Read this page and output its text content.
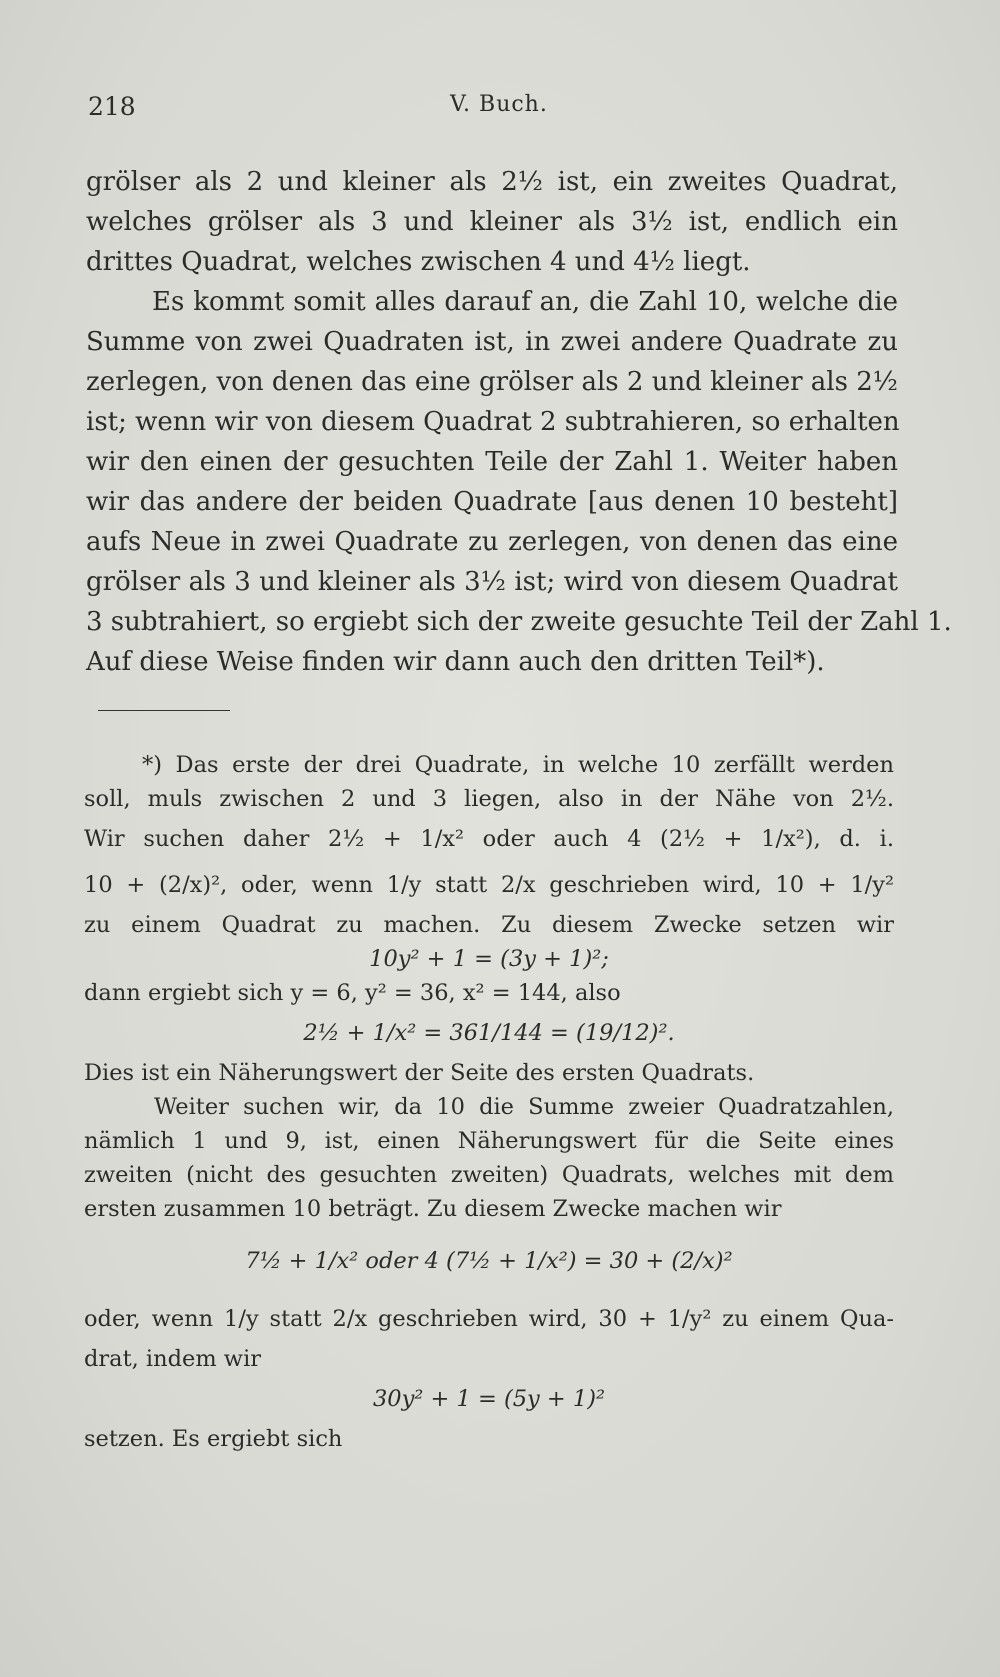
218	V. Buch.
grölser als 2 und kleiner als 2½ ist, ein zweites Quadrat,
welches grölser als 3 und kleiner als 3½ ist, endlich ein
drittes Quadrat, welches zwischen 4 und 4½ liegt.
Es kommt somit alles darauf an, die Zahl 10, welche die
Summe von zwei Quadraten ist, in zwei andere Quadrate zu
zerlegen, von denen das eine grölser als 2 und kleiner als 2½
ist; wenn wir von diesem Quadrat 2 subtrahieren, so erhalten
wir den einen der gesuchten Teile der Zahl 1. Weiter haben
wir das andere der beiden Quadrate [aus denen 10 besteht]
aufs Neue in zwei Quadrate zu zerlegen, von denen das eine
grölser als 3 und kleiner als 3½ ist; wird von diesem Quadrat
3 subtrahiert, so ergiebt sich der zweite gesuchte Teil der Zahl 1.
Auf diese Weise finden wir dann auch den dritten Teil*).
*) Das erste der drei Quadrate, in welche 10 zerfällt werden
soll, muls zwischen 2 und 3 liegen, also in der Nähe von 2½.
Wir suchen daher 2½ + 1/x² oder auch 4 (2½ + 1/x²), d. i.
10 + (2/x)², oder, wenn 1/y statt 2/x geschrieben wird, 10 + 1/y²
zu einem Quadrat zu machen. Zu diesem Zwecke setzen wir
10y² + 1 = (3y + 1)²;
dann ergiebt sich y = 6, y² = 36, x² = 144, also
2½ + 1/x² = 361/144 = (19/12)².
Dies ist ein Näherungswert der Seite des ersten Quadrats.
Weiter suchen wir, da 10 die Summe zweier Quadratzahlen,
nämlich 1 und 9, ist, einen Näherungswert für die Seite eines
zweiten (nicht des gesuchten zweiten) Quadrats, welches mit dem
ersten zusammen 10 beträgt. Zu diesem Zwecke machen wir
7½ + 1/x² oder 4 (7½ + 1/x²) = 30 + (2/x)²
oder, wenn 1/y statt 2/x geschrieben wird, 30 + 1/y² zu einem Qua-
drat, indem wir
30y² + 1 = (5y + 1)²
setzen. Es ergiebt sich
